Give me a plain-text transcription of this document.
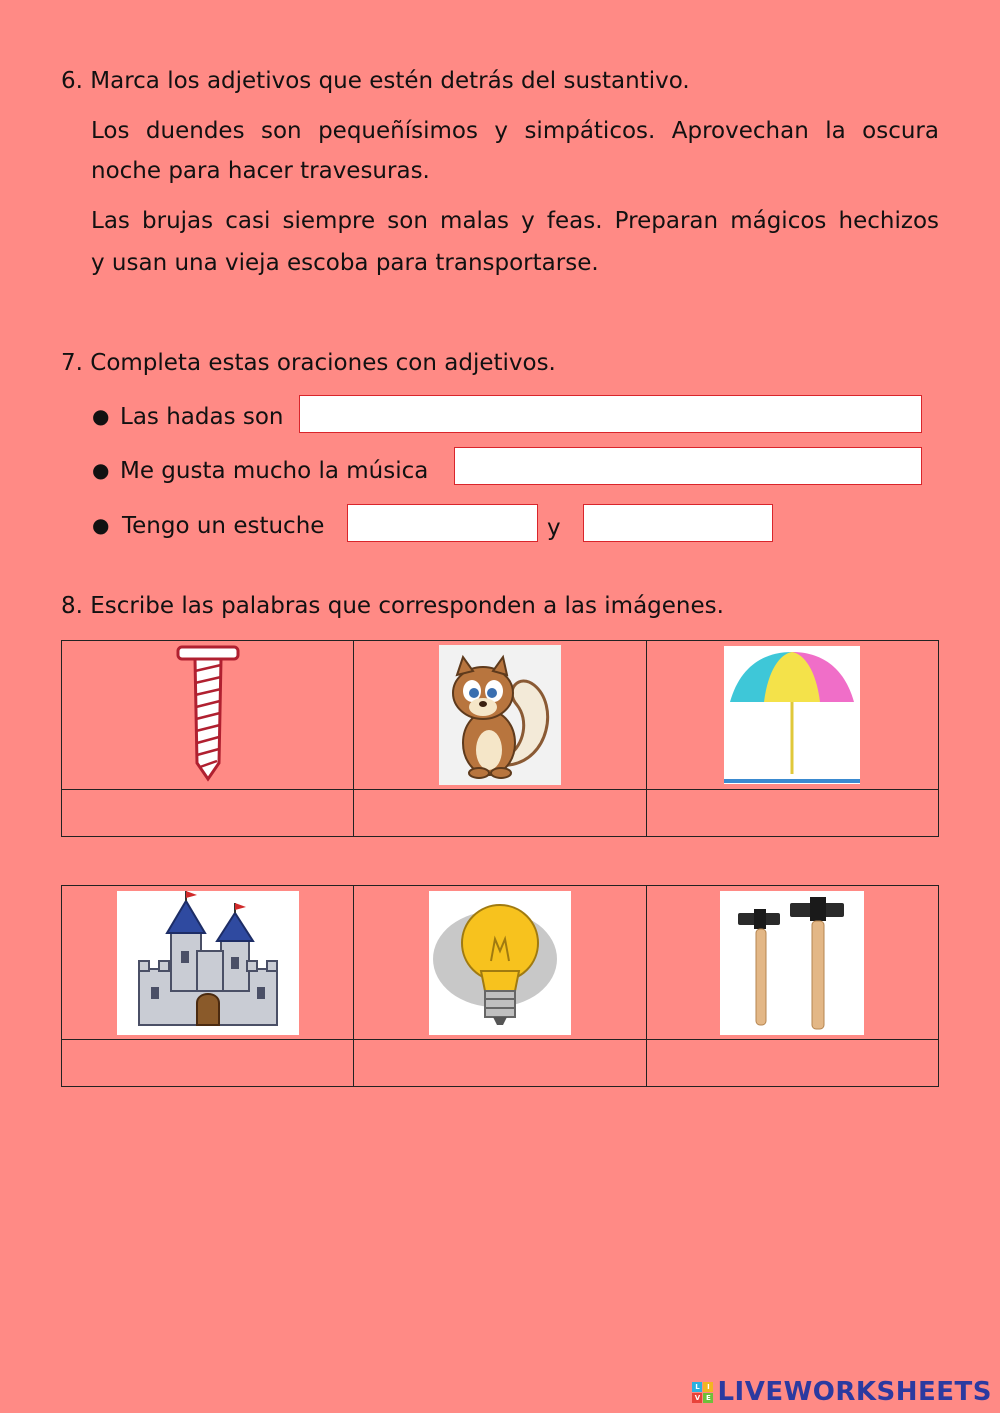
6. Marca los adjetivos que estén detrás del sustantivo.
Los duendes son pequeñísimos y simpáticos. Aprovechan la oscura
noche para hacer travesuras.
Las brujas casi siempre son malas y feas. Preparan mágicos hechizos
y usan una vieja escoba para transportarse.
7. Completa estas oraciones con adjetivos.
● Las hadas son
● Me gusta mucho la música
● Tengo un estuche	y
8. Escribe las palabras que corresponden a las imágenes.

L	I
V E LIVEWORKSHEETS
